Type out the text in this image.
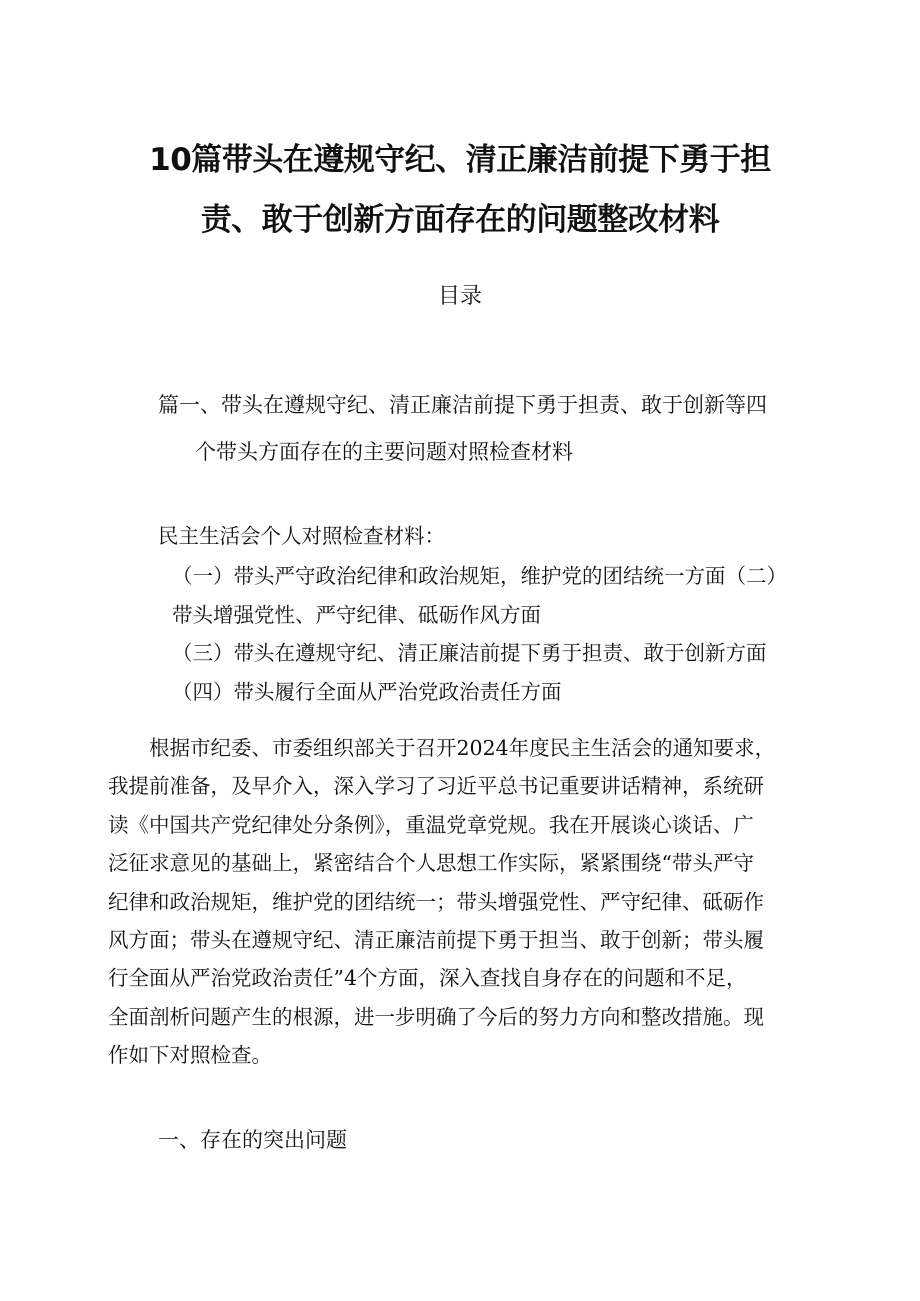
10篇带头在遵规守纪、清正廉洁前提下勇于担
责、敢于创新方面存在的问题整改材料
目录
篇一、带头在遵规守纪、清正廉洁前提下勇于担责、敢于创新等四
个带头方面存在的主要问题对照检查材料
民主生活会个人对照检查材料：
（一）带头严守政治纪律和政治规矩，维护党的团结统一方面（二）
带头增强党性、严守纪律、砥砺作风方面
（三）带头在遵规守纪、清正廉洁前提下勇于担责、敢于创新方面
（四）带头履行全面从严治党政治责任方面
　　根据市纪委、市委组织部关于召开2024年度民主生活会的通知要求，
我提前准备，及早介入，深入学习了习近平总书记重要讲话精神，系统研
读《中国共产党纪律处分条例》，重温党章党规。我在开展谈心谈话、广
泛征求意见的基础上，紧密结合个人思想工作实际，紧紧围绕“带头严守
纪律和政治规矩，维护党的团结统一；带头增强党性、严守纪律、砥砺作
风方面；带头在遵规守纪、清正廉洁前提下勇于担当、敢于创新；带头履
行全面从严治党政治责任”4个方面，深入查找自身存在的问题和不足，
全面剖析问题产生的根源，进一步明确了今后的努力方向和整改措施。现
作如下对照检查。
一、存在的突出问题
